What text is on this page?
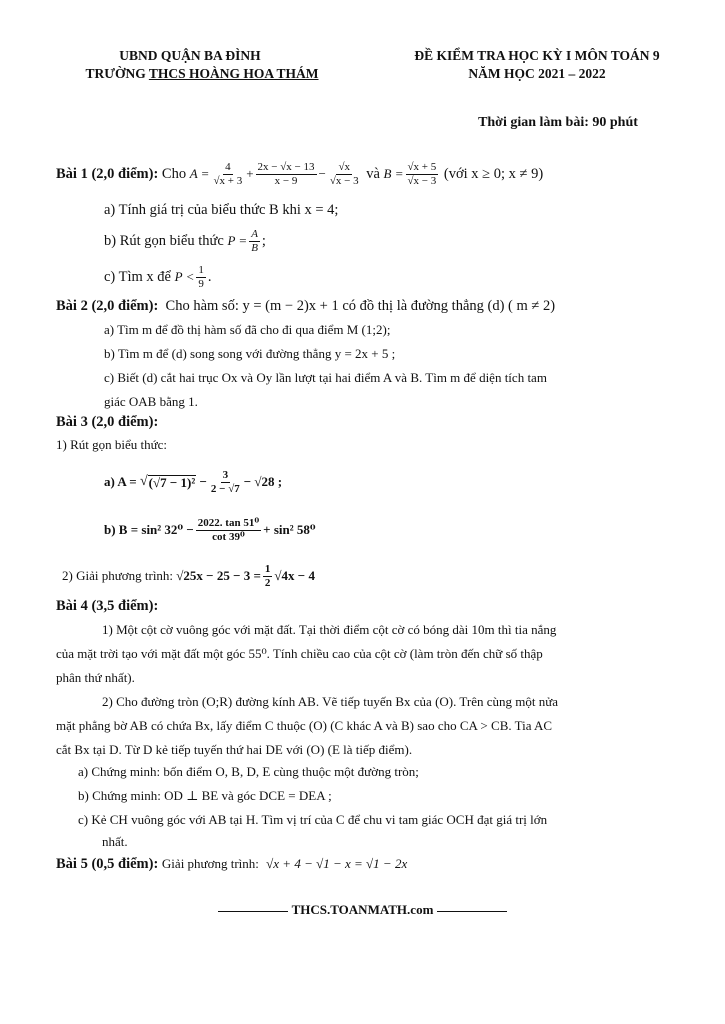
UBND QUẬN BA ĐÌNH
TRƯỜNG THCS HOÀNG HOA THÁM
ĐỀ KIỂM TRA HỌC KỲ I MÔN TOÁN 9
NĂM HỌC 2021 – 2022
Thời gian làm bài: 90 phút
Bài 1 (2,0 điểm):
Cho
$A = \frac{4}{√x + 3} + \frac{2x - √x - 13}{x - 9} - \frac{√x}{√x - 3}$
và
$B = \frac{√x + 5}{√x - 3}$
(với x ≥ 0; x ≠ 9)
a) Tính giá trị của biểu thức B khi x = 4;
b) Rút gọn biểu thức
$P = \frac{A}{B}$ ;
c) Tìm x để
$P < \frac{1}{9}$ .
Bài 2 (2,0 điểm): Cho hàm số: y = (m − 2)x + 1 có đồ thị là đường thẳng (d) ( m ≠ 2)
a) Tìm m để đồ thị hàm số đã cho đi qua điểm M (1;2);
b) Tìm m để (d) song song với đường thẳng y = 2x + 5 ;
c) Biết (d) cắt hai trục Ox và Oy lần lượt tại hai điểm A và B. Tìm m để diện tích tam
giác OAB bằng 1.
Bài 3 (2,0 điểm):
1) Rút gọn biểu thức:
a) A =
√ (√7 − 1)²
− $\frac{3}{2 - √7} - √28$ ;
b) B = sin² $32^0 - \frac{\text{2022. tan 51⁰}}{\text{cot 39⁰}} + \sin^2$ 58⁰
2) Giải phương trình:
$√25x - 25 - 3 = \frac{1}{2} √4x - 4$
Bài 4 (3,5 điểm):
1) Một cột cờ vuông góc với mặt đất. Tại thời điểm cột cờ có bóng dài 10m thì tia nắng
của mặt trời tạo với mặt đất một góc 55⁰. Tính chiều cao của cột cờ (làm tròn đến chữ số thập
phân thứ nhất).
2) Cho đường tròn (O;R) đường kính AB. Vẽ tiếp tuyến Bx của (O). Trên cùng một nửa
mặt phẳng bờ AB có chứa Bx, lấy điểm C thuộc (O) (C khác A và B) sao cho CA > CB. Tia AC
cắt Bx tại D. Từ D kẻ tiếp tuyến thứ hai DE với (O) (E là tiếp điểm).
a) Chứng minh: bốn điểm O, B, D, E cùng thuộc một đường tròn;
b) Chứng minh: OD ⊥ BE và góc DCE = DEA ;
c) Kẻ CH vuông góc với AB tại H. Tìm vị trí của C để chu vi tam giác OCH đạt giá trị lớn
nhất.
Bài 5 (0,5 điểm): Giải phương trình: √x + 4 − √1 − x = √1 − 2x
THCS.TOANMATH.com
